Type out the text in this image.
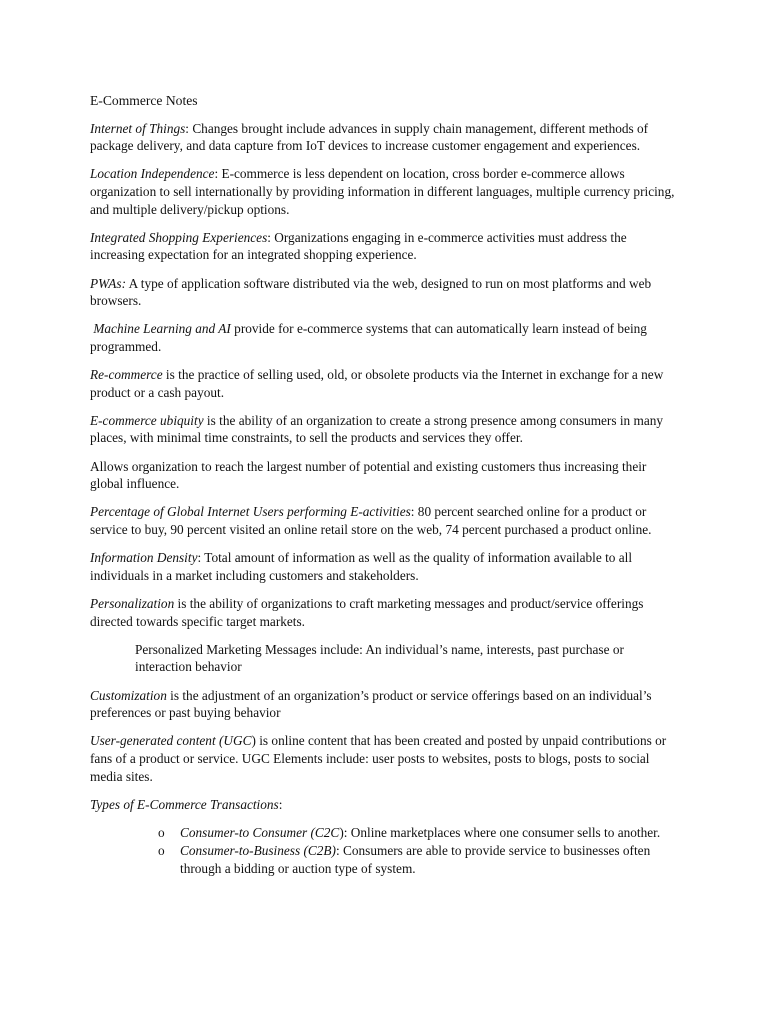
E-Commerce Notes

Internet of Things: Changes brought include advances in supply chain management, different methods of package delivery, and data capture from IoT devices to increase customer engagement and experiences.

Location Independence: E-commerce is less dependent on location, cross border e-commerce allows organization to sell internationally by providing information in different languages, multiple currency pricing, and multiple delivery/pickup options.

Integrated Shopping Experiences: Organizations engaging in e-commerce activities must address the increasing expectation for an integrated shopping experience.

PWAs: A type of application software distributed via the web, designed to run on most platforms and web browsers.

Machine Learning and AI provide for e-commerce systems that can automatically learn instead of being programmed.

Re-commerce is the practice of selling used, old, or obsolete products via the Internet in exchange for a new product or a cash payout.

E-commerce ubiquity is the ability of an organization to create a strong presence among consumers in many places, with minimal time constraints, to sell the products and services they offer.

Allows organization to reach the largest number of potential and existing customers thus increasing their global influence.

Percentage of Global Internet Users performing E-activities: 80 percent searched online for a product or service to buy, 90 percent visited an online retail store on the web, 74 percent purchased a product online.

Information Density: Total amount of information as well as the quality of information available to all individuals in a market including customers and stakeholders.

Personalization is the ability of organizations to craft marketing messages and product/service offerings directed towards specific target markets.

Personalized Marketing Messages include: An individual’s name, interests, past purchase or interaction behavior

Customization is the adjustment of an organization’s product or service offerings based on an individual’s preferences or past buying behavior

User-generated content (UGC) is online content that has been created and posted by unpaid contributions or fans of a product or service. UGC Elements include: user posts to websites, posts to blogs, posts to social media sites.

Types of E-Commerce Transactions:

o Consumer-to Consumer (C2C): Online marketplaces where one consumer sells to another.
o Consumer-to-Business (C2B): Consumers are able to provide service to businesses often through a bidding or auction type of system.
